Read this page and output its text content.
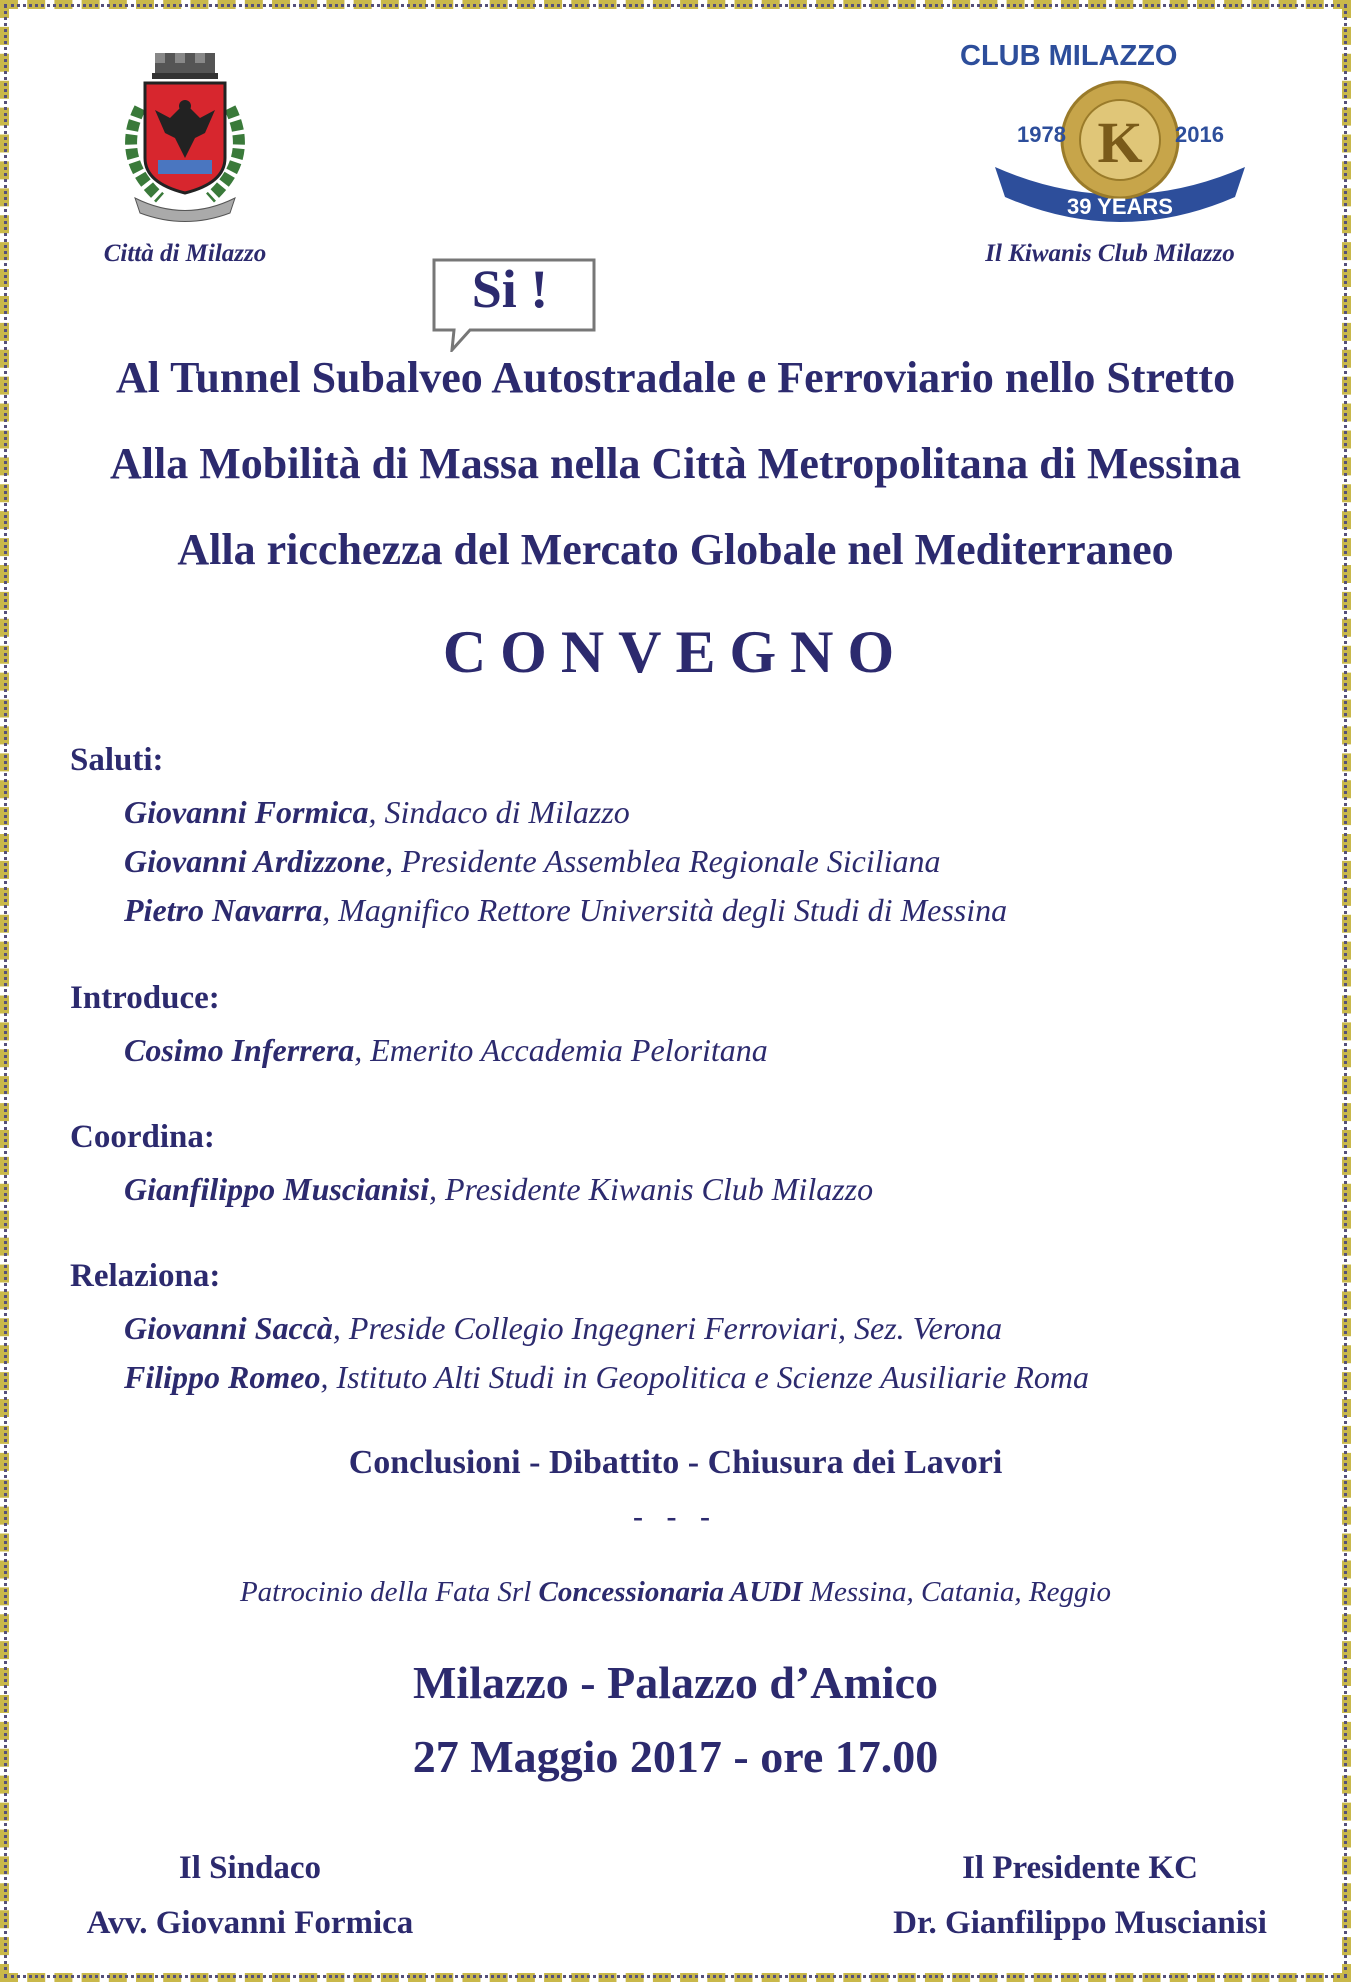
Città di Milazzo
CLUB MILAZZO
K
1978	2016
39 YEARS
Il Kiwanis Club Milazzo
Si !
Al Tunnel Subalveo Autostradale e Ferroviario nello Stretto
Alla Mobilità di Massa nella Città Metropolitana di Messina
Alla ricchezza del Mercato Globale nel Mediterraneo
CONVEGNO
Saluti:
Giovanni Formica, Sindaco di Milazzo
Giovanni Ardizzone, Presidente Assemblea Regionale Siciliana
Pietro Navarra, Magnifico Rettore Università degli Studi di Messina
Introduce:
Cosimo Inferrera, Emerito Accademia Peloritana
Coordina:
Gianfilippo Muscianisi, Presidente Kiwanis Club Milazzo
Relaziona:
Giovanni Saccà, Preside Collegio Ingegneri Ferroviari, Sez. Verona
Filippo Romeo, Istituto Alti Studi in Geopolitica e Scienze Ausiliarie Roma
Conclusioni - Dibattito - Chiusura dei Lavori
- - -
Patrocinio della Fata Srl Concessionaria AUDI Messina, Catania, Reggio
Milazzo - Palazzo d’Amico
27 Maggio 2017 - ore 17.00
Il Sindaco
Avv. Giovanni Formica
Il Presidente KC
Dr. Gianfilippo Muscianisi
